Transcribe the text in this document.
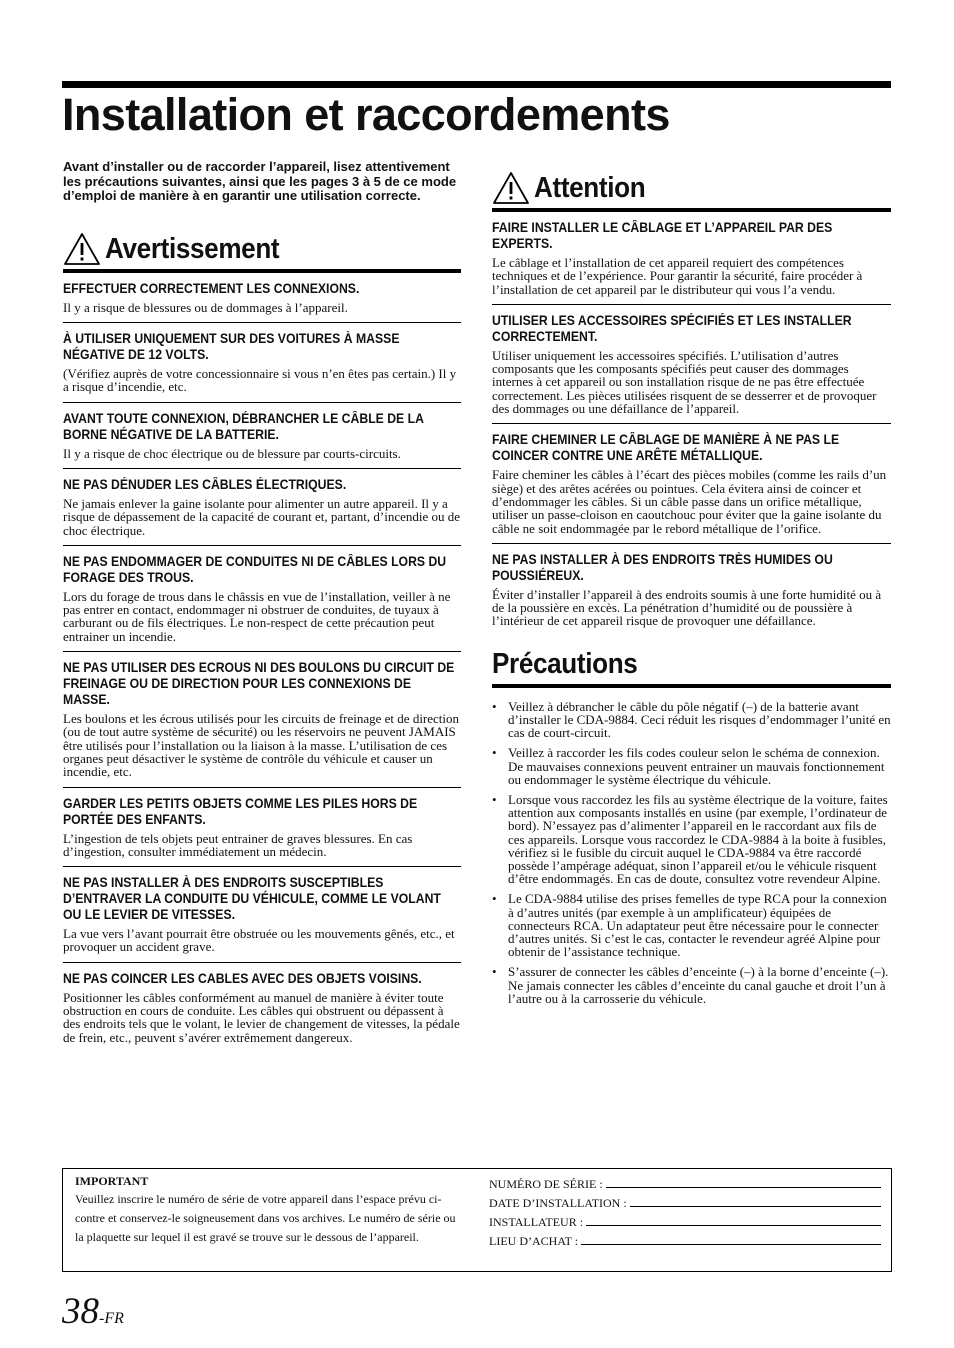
Installation et raccordements

Avant d’installer ou de raccorder l’appareil, lisez attentivement les précautions suivantes, ainsi que les pages 3 à 5 de ce mode d’emploi de manière à en garantir une utilisation correcte.

Avertissement

EFFECTUER CORRECTEMENT LES CONNEXIONS.

Il y a risque de blessures ou de dommages à l’appareil.

À UTILISER UNIQUEMENT SUR DES VOITURES À MASSE NÉGATIVE DE 12 VOLTS.

(Vérifiez auprès de votre concessionnaire si vous n’en êtes pas certain.) Il y a risque d’incendie, etc.

AVANT TOUTE CONNEXION, DÉBRANCHER LE CÂBLE DE LA BORNE NÉGATIVE DE LA BATTERIE.

Il y a risque de choc électrique ou de blessure par courts-circuits.

NE PAS DÉNUDER LES CÂBLES ÉLECTRIQUES.

Ne jamais enlever la gaine isolante pour alimenter un autre appareil. Il y a risque de dépassement de la capacité de courant et, partant, d’incendie ou de choc électrique.

NE PAS ENDOMMAGER DE CONDUITES NI DE CÂBLES LORS DU FORAGE DES TROUS.

Lors du forage de trous dans le châssis en vue de l’installation, veiller à ne pas entrer en contact, endommager ni obstruer de conduites, de tuyaux à carburant ou de fils électriques. Le non-respect de cette précaution peut entrainer un incendie.

NE PAS UTILISER DES ECROUS NI DES BOULONS DU CIRCUIT DE FREINAGE OU DE DIRECTION POUR LES CONNEXIONS DE MASSE.

Les boulons et les écrous utilisés pour les circuits de freinage et de direction (ou de tout autre système de sécurité) ou les réservoirs ne peuvent JAMAIS être utilisés pour l’installation ou la liaison à la masse. L’utilisation de ces organes peut désactiver le système de contrôle du véhicule et causer un incendie, etc.

GARDER LES PETITS OBJETS COMME LES PILES HORS DE PORTÉE DES ENFANTS.

L’ingestion de tels objets peut entrainer de graves blessures. En cas d’ingestion, consulter immédiatement un médecin.

NE PAS INSTALLER À DES ENDROITS SUSCEPTIBLES D’ENTRAVER LA CONDUITE DU VÉHICULE, COMME LE VOLANT OU LE LEVIER DE VITESSES.

La vue vers l’avant pourrait être obstruée ou les mouvements gênés, etc., et provoquer un accident grave.

NE PAS COINCER LES CABLES AVEC DES OBJETS VOISINS.

Positionner les câbles conformément au manuel de manière à éviter toute obstruction en cours de conduite. Les câbles qui obstruent ou dépassent à des endroits tels que le volant, le levier de changement de vitesses, la pédale de frein, etc., peuvent s’avérer extrêmement dangereux.

Attention

FAIRE INSTALLER LE CÂBLAGE ET L’APPAREIL PAR DES EXPERTS.

Le câblage et l’installation de cet appareil requiert des compétences techniques et de l’expérience. Pour garantir la sécurité, faire procéder à l’installation de cet appareil par le distributeur qui vous l’a vendu.

UTILISER LES ACCESSOIRES SPÉCIFIÉS ET LES INSTALLER CORRECTEMENT.

Utiliser uniquement les accessoires spécifiés. L’utilisation d’autres composants que les composants spécifiés peut causer des dommages internes à cet appareil ou son installation risque de ne pas être effectuée correctement. Les pièces utilisées risquent de se desserrer et de provoquer des dommages ou une défaillance de l’appareil.

FAIRE CHEMINER LE CÂBLAGE DE MANIÈRE À NE PAS LE COINCER CONTRE UNE ARÊTE MÉTALLIQUE.

Faire cheminer les câbles à l’écart des pièces mobiles (comme les rails d’un siège) et des arêtes acérées ou pointues. Cela évitera ainsi de coincer et d’endommager les câbles. Si un câble passe dans un orifice métallique, utiliser un passe-cloison en caoutchouc pour éviter que la gaine isolante du câble ne soit endommagée par le rebord métallique de l’orifice.

NE PAS INSTALLER À DES ENDROITS TRÈS HUMIDES OU POUSSIÉREUX.

Éviter d’installer l’appareil à des endroits soumis à une forte humidité ou à de la poussière en excès. La pénétration d’humidité ou de poussière à l’intérieur de cet appareil risque de provoquer une défaillance.

Précautions
• Veillez à débrancher le câble du pôle négatif (–) de la batterie avant d’installer le CDA-9884. Ceci réduit les risques d’endommager l’unité en cas de court-circuit.
• Veillez à raccorder les fils codes couleur selon le schéma de connexion. De mauvaises connexions peuvent entrainer un mauvais fonctionnement ou endommager le système électrique du véhicule.
• Lorsque vous raccordez les fils au système électrique de la voiture, faites attention aux composants installés en usine (par exemple, l’ordinateur de bord). N’essayez pas d’alimenter l’appareil en le raccordant aux fils de ces appareils. Lorsque vous raccordez le CDA-9884 à la boite à fusibles, vérifiez si le fusible du circuit auquel le CDA-9884 va être raccordé possède l’ampérage adéquat, sinon l’appareil et/ou le véhicule risquent d’être endommagés. En cas de doute, consultez votre revendeur Alpine.
• Le CDA-9884 utilise des prises femelles de type RCA pour la connexion à d’autres unités (par exemple à un amplificateur) équipées de connecteurs RCA. Un adaptateur peut être nécessaire pour le connecter d’autres unités. Si c’est le cas, contacter le revendeur agréé Alpine pour obtenir de l’assistance technique.
• S’assurer de connecter les câbles d’enceinte (–) à la borne d’enceinte (–). Ne jamais connecter les câbles d’enceinte du canal gauche et droit l’un à l’autre ou à la carrosserie du véhicule.
IMPORTANT
Veuillez inscrire le numéro de série de votre appareil dans l’espace prévu ci-contre et conservez-le soigneusement dans vos archives. Le numéro de série ou la plaquette sur lequel il est gravé se trouve sur le dessous de l’appareil.
NUMÉRO DE SÉRIE :
DATE D’INSTALLATION :
INSTALLATEUR :
LIEU D’ACHAT :
38-FR
